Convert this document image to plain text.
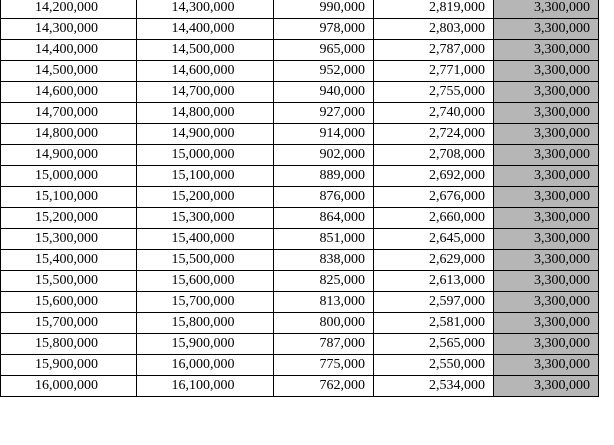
14,200,000	14,300,000	990,000	2,819,000	3,300,000
14,300,000	14,400,000	978,000	2,803,000	3,300,000
14,400,000	14,500,000	965,000	2,787,000	3,300,000
14,500,000	14,600,000	952,000	2,771,000	3,300,000
14,600,000	14,700,000	940,000	2,755,000	3,300,000
14,700,000	14,800,000	927,000	2,740,000	3,300,000
14,800,000	14,900,000	914,000	2,724,000	3,300,000
14,900,000	15,000,000	902,000	2,708,000	3,300,000
15,000,000	15,100,000	889,000	2,692,000	3,300,000
15,100,000	15,200,000	876,000	2,676,000	3,300,000
15,200,000	15,300,000	864,000	2,660,000	3,300,000
15,300,000	15,400,000	851,000	2,645,000	3,300,000
15,400,000	15,500,000	838,000	2,629,000	3,300,000
15,500,000	15,600,000	825,000	2,613,000	3,300,000
15,600,000	15,700,000	813,000	2,597,000	3,300,000
15,700,000	15,800,000	800,000	2,581,000	3,300,000
15,800,000	15,900,000	787,000	2,565,000	3,300,000
15,900,000	16,000,000	775,000	2,550,000	3,300,000
16,000,000	16,100,000	762,000	2,534,000	3,300,000
